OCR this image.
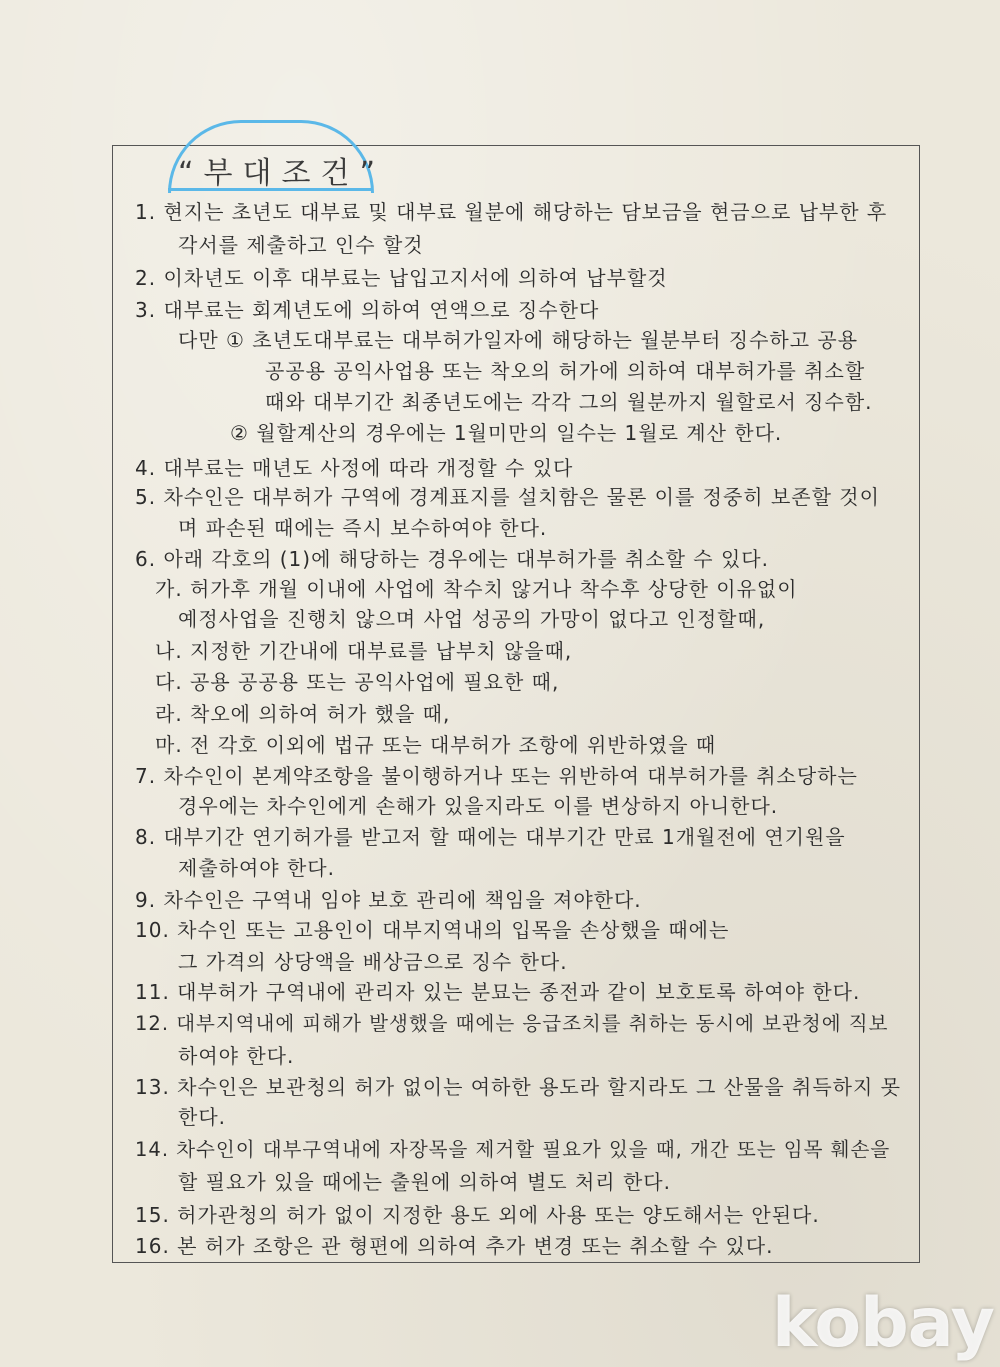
“부대조건”
1. 현지는 초년도 대부료 및 대부료 월분에 해당하는 담보금을 현금으로 납부한 후
각서를 제출하고 인수 할것
2. 이차년도 이후 대부료는 납입고지서에 의하여 납부할것
3. 대부료는 회계년도에 의하여 연액으로 징수한다
다만 ① 초년도대부료는 대부허가일자에 해당하는 월분부터 징수하고 공용
공공용 공익사업용 또는 착오의 허가에 의하여 대부허가를 취소할
때와 대부기간 최종년도에는 각각 그의 월분까지 월할로서 징수함.
② 월할계산의 경우에는 1월미만의 일수는 1월로 계산 한다.
4. 대부료는 매년도 사정에 따라 개정할 수 있다
5. 차수인은 대부허가 구역에 경계표지를 설치함은 물론 이를 정중히 보존할 것이
며 파손된 때에는 즉시 보수하여야 한다.
6. 아래 각호의 (1)에 해당하는 경우에는 대부허가를 취소할 수 있다.
가. 허가후 개월 이내에 사업에 착수치 않거나 착수후 상당한 이유없이
예정사업을 진행치 않으며 사업 성공의 가망이 없다고 인정할때,
나. 지정한 기간내에 대부료를 납부치 않을때,
다. 공용 공공용 또는 공익사업에 필요한 때,
라. 착오에 의하여 허가 했을 때,
마. 전 각호 이외에 법규 또는 대부허가 조항에 위반하였을 때
7. 차수인이 본계약조항을 불이행하거나 또는 위반하여 대부허가를 취소당하는
경우에는 차수인에게 손해가 있을지라도 이를 변상하지 아니한다.
8. 대부기간 연기허가를 받고저 할 때에는 대부기간 만료 1개월전에 연기원을
제출하여야 한다.
9. 차수인은 구역내 임야 보호 관리에 책임을 져야한다.
10. 차수인 또는 고용인이 대부지역내의 입목을 손상했을 때에는
그 가격의 상당액을 배상금으로 징수 한다.
11. 대부허가 구역내에 관리자 있는 분묘는 종전과 같이 보호토록 하여야 한다.
12. 대부지역내에 피해가 발생했을 때에는 응급조치를 취하는 동시에 보관청에 직보
하여야 한다.
13. 차수인은 보관청의 허가 없이는 여하한 용도라 할지라도 그 산물을 취득하지 못
한다.
14. 차수인이 대부구역내에 자장목을 제거할 필요가 있을 때, 개간 또는 임목 훼손을
할 필요가 있을 때에는 출원에 의하여 별도 처리 한다.
15. 허가관청의 허가 없이 지정한 용도 외에 사용 또는 양도해서는 안된다.
16. 본 허가 조항은 관 형편에 의하여 추가 변경 또는 취소할 수 있다.
kobay
